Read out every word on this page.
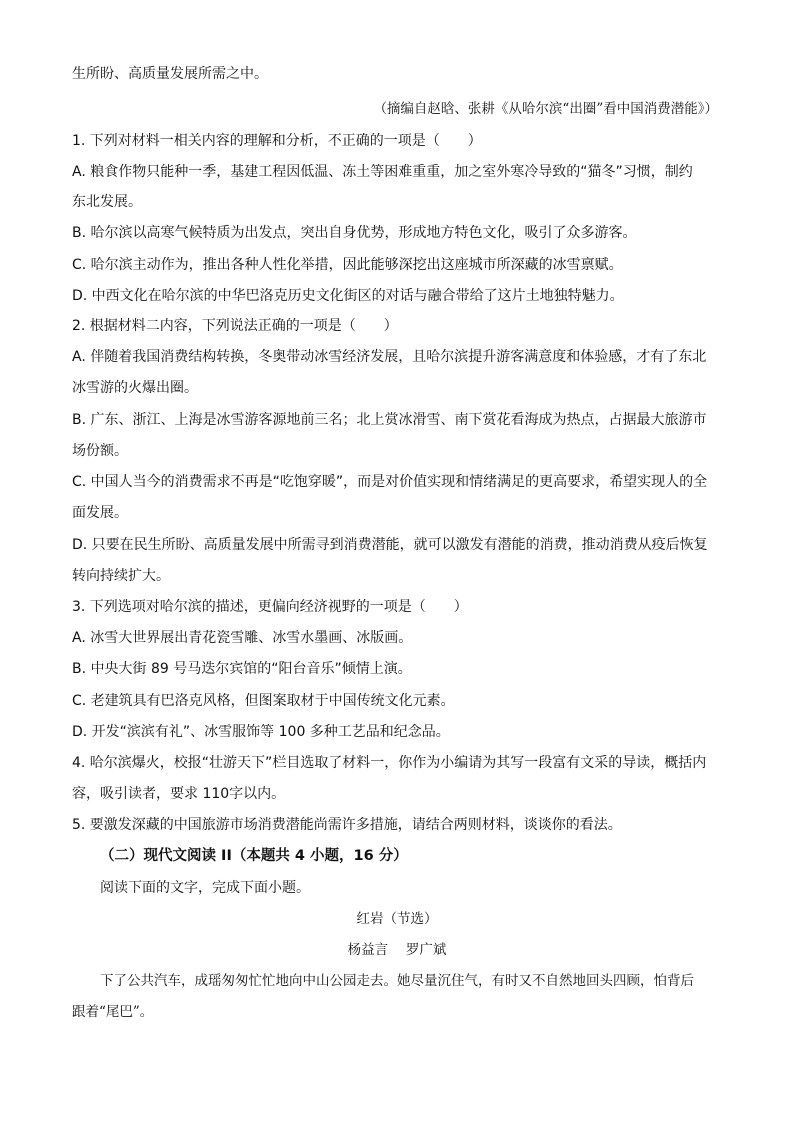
生所盼、高质量发展所需之中。
（摘编自赵晗、张耕《从哈尔滨“出圈”看中国消费潜能》）
1. 下列对材料一相关内容的理解和分析，不正确的一项是（　　）
A. 粮食作物只能种一季，基建工程因低温、冻土等困难重重，加之室外寒冷导致的“猫冬”习惯，制约
东北发展。
B. 哈尔滨以高寒气候特质为出发点，突出自身优势，形成地方特色文化，吸引了众多游客。
C. 哈尔滨主动作为，推出各种人性化举措，因此能够深挖出这座城市所深藏的冰雪禀赋。
D. 中西文化在哈尔滨的中华巴洛克历史文化街区的对话与融合带给了这片土地独特魅力。
2. 根据材料二内容，下列说法正确的一项是（　　）
A. 伴随着我国消费结构转换，冬奥带动冰雪经济发展，且哈尔滨提升游客满意度和体验感，才有了东北
冰雪游的火爆出圈。
B. 广东、浙江、上海是冰雪游客源地前三名；北上赏冰滑雪、南下赏花看海成为热点，占据最大旅游市
场份额。
C. 中国人当今的消费需求不再是“吃饱穿暖”，而是对价值实现和情绪满足的更高要求，希望实现人的全
面发展。
D. 只要在民生所盼、高质量发展中所需寻到消费潜能，就可以激发有潜能的消费，推动消费从疫后恢复
转向持续扩大。
3. 下列选项对哈尔滨的描述，更偏向经济视野的一项是（　　）
A. 冰雪大世界展出青花瓷雪雕、冰雪水墨画、冰版画。
B. 中央大街 89 号马迭尔宾馆的“阳台音乐”倾情上演。
C. 老建筑具有巴洛克风格，但图案取材于中国传统文化元素。
D. 开发“滨滨有礼”、冰雪服饰等 100 多种工艺品和纪念品。
4. 哈尔滨爆火，校报“壮游天下”栏目选取了材料一，你作为小编请为其写一段富有文采的导读，概括内
容，吸引读者，要求 110字以内。
5. 要激发深藏的中国旅游市场消费潜能尚需许多措施，请结合两则材料，谈谈你的看法。
（二）现代文阅读 II（本题共 4 小题，16 分）
阅读下面的文字，完成下面小题。
红岩（节选）
杨益言　 罗广斌
下了公共汽车，成瑶匆匆忙忙地向中山公园走去。她尽量沉住气，有时又不自然地回头四顾，怕背后
跟着“尾巴”。
